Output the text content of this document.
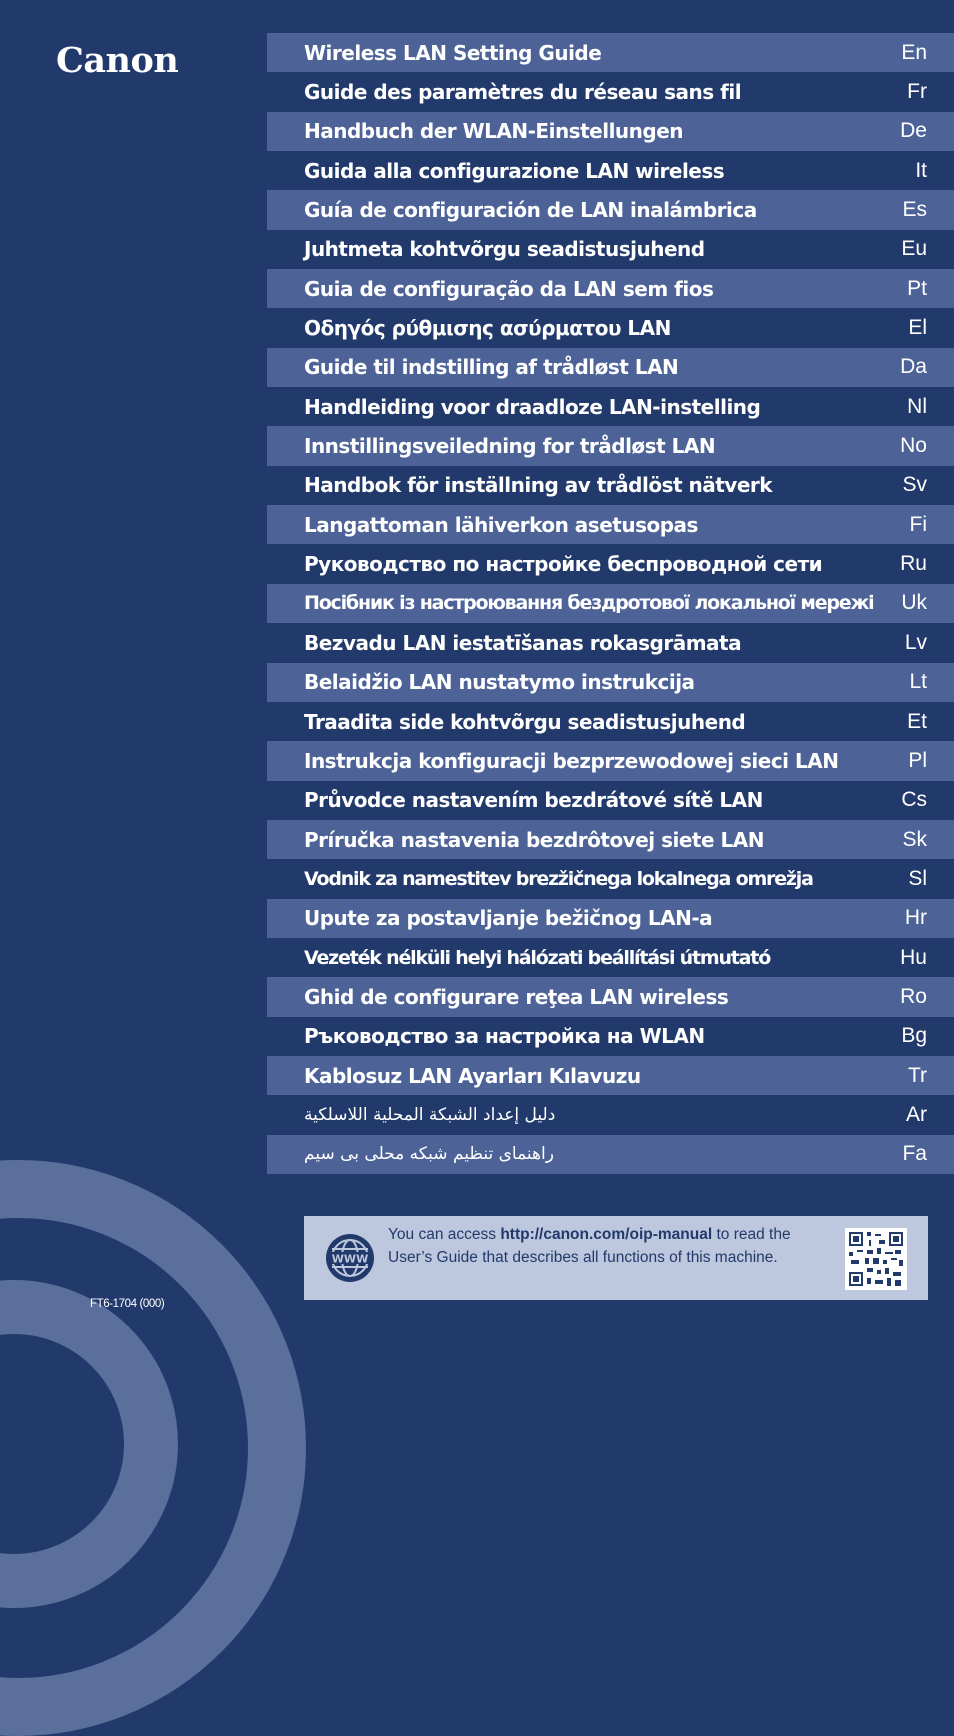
Canon	Wireless LAN Setting Guide	En
Guide des paramètres du réseau sans fil	Fr
Handbuch der WLAN-Einstellungen	De
Guida alla configurazione LAN wireless	It
Guía de configuración de LAN inalámbrica	Es
Juhtmeta kohtvõrgu seadistusjuhend	Eu
Guia de configuração da LAN sem fios	Pt
Οδηγός ρύθμισης ασύρματου LAN	El
Guide til indstilling af trådløst LAN	Da
Handleiding voor draadloze LAN-instelling	Nl
Innstillingsveiledning for trådløst LAN	No
Handbok för inställning av trådlöst nätverk	Sv
Langattoman lähiverkon asetusopas	Fi
Руководство по настройке беспроводной сети	Ru
Посібник із настроювання бездротової локальної мережі	Uk
Bezvadu LAN iestatīšanas rokasgrāmata	Lv
Belaidžio LAN nustatymo instrukcija	Lt
Traadita side kohtvõrgu seadistusjuhend	Et
Instrukcja konfiguracji bezprzewodowej sieci LAN	Pl
Průvodce nastavením bezdrátové sítě LAN	Cs
Príručka nastavenia bezdrôtovej siete LAN	Sk
Vodnik za namestitev brezžičnega lokalnega omrežja	Sl
Upute za postavljanje bežičnog LAN-a	Hr
Vezeték nélküli helyi hálózati beállítási útmutató	Hu
Ghid de configurare reţea LAN wireless	Ro
Ръководство за настройка на WLAN	Bg
Kablosuz LAN Ayarları Kılavuzu	Tr
دليل إعداد الشبكة المحلية اللاسلكية	Ar
راهنمای تنظیم شبکه محلی بی سیم	Fa
WWW
You can access http://canon.com/oip-manual to read the User’s Guide that describes all functions of this machine.
FT6-1704 (000)
